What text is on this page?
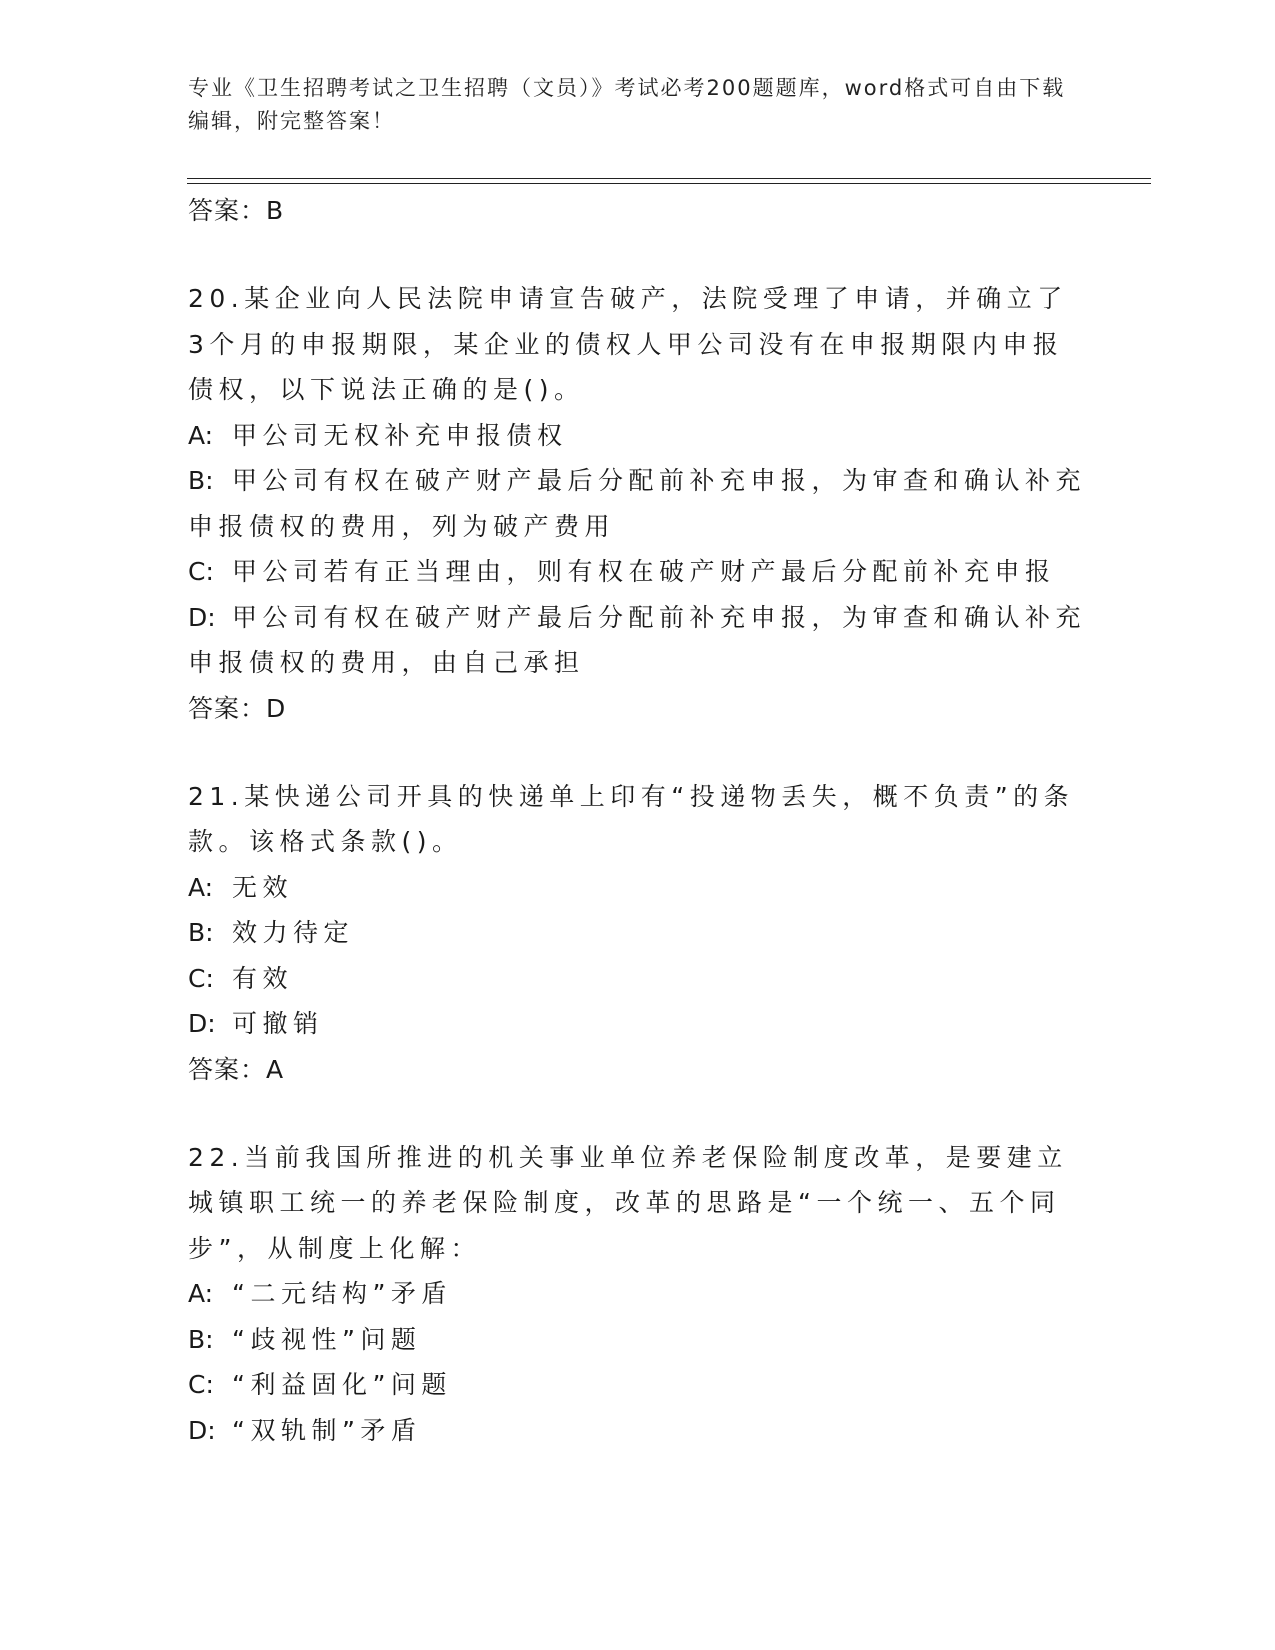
专业《卫生招聘考试之卫生招聘（文员）》考试必考200题题库，word格式可自由下载编辑，附完整答案！
答案：B
20.某企业向人民法院申请宣告破产，法院受理了申请，并确立了3个月的申报期限，某企业的债权人甲公司没有在申报期限内申报债权，以下说法正确的是()。
A: 甲公司无权补充申报债权
B: 甲公司有权在破产财产最后分配前补充申报，为审查和确认补充申报债权的费用，列为破产费用
C: 甲公司若有正当理由，则有权在破产财产最后分配前补充申报
D: 甲公司有权在破产财产最后分配前补充申报，为审查和确认补充申报债权的费用，由自己承担
答案：D
21.某快递公司开具的快递单上印有“投递物丢失，概不负责”的条款。该格式条款()。
A: 无效
B: 效力待定
C: 有效
D: 可撤销
答案：A
22.当前我国所推进的机关事业单位养老保险制度改革，是要建立城镇职工统一的养老保险制度，改革的思路是“一个统一、五个同步”，从制度上化解：
A: “二元结构”矛盾
B: “歧视性”问题
C: “利益固化”问题
D: “双轨制”矛盾
